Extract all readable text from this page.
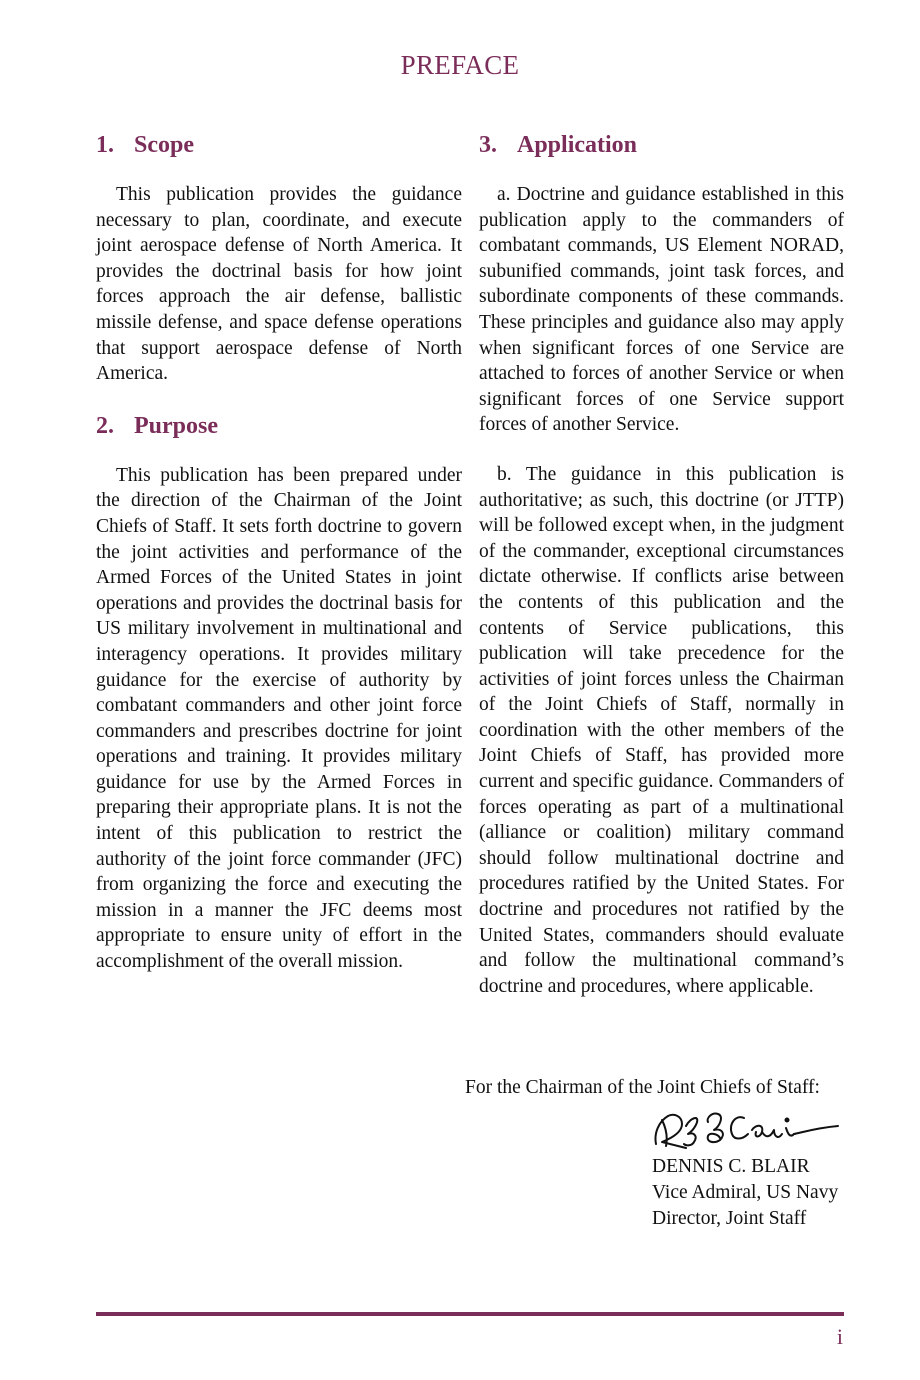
PREFACE
1. Scope

This publication provides the guidance necessary to plan, coordinate, and execute joint aerospace defense of North America. It provides the doctrinal basis for how joint forces approach the air defense, ballistic missile defense, and space defense operations that support aerospace defense of North America.

2. Purpose

This publication has been prepared under the direction of the Chairman of the Joint Chiefs of Staff. It sets forth doctrine to govern the joint activities and performance of the Armed Forces of the United States in joint operations and provides the doctrinal basis for US military involvement in multinational and interagency operations. It provides military guidance for the exercise of authority by combatant commanders and other joint force commanders and prescribes doctrine for joint operations and training. It provides military guidance for use by the Armed Forces in preparing their appropriate plans. It is not the intent of this publication to restrict the authority of the joint force commander (JFC) from organizing the force and executing the mission in a manner the JFC deems most appropriate to ensure unity of effort in the accomplishment of the overall mission.

3. Application

a. Doctrine and guidance established in this publication apply to the commanders of combatant commands, US Element NORAD, subunified commands, joint task forces, and subordinate components of these commands. These principles and guidance also may apply when significant forces of one Service are attached to forces of another Service or when significant forces of one Service support forces of another Service.

b. The guidance in this publication is authoritative; as such, this doctrine (or JTTP) will be followed except when, in the judgment of the commander, exceptional circumstances dictate otherwise. If conflicts arise between the contents of this publication and the contents of Service publications, this publication will take precedence for the activities of joint forces unless the Chairman of the Joint Chiefs of Staff, normally in coordination with the other members of the Joint Chiefs of Staff, has provided more current and specific guidance. Commanders of forces operating as part of a multinational (alliance or coalition) military command should follow multinational doctrine and procedures ratified by the United States. For doctrine and procedures not ratified by the United States, commanders should evaluate and follow the multinational command’s doctrine and procedures, where applicable.

For the Chairman of the Joint Chiefs of Staff:
DENNIS C. BLAIR
Vice Admiral, US Navy
Director, Joint Staff
i
